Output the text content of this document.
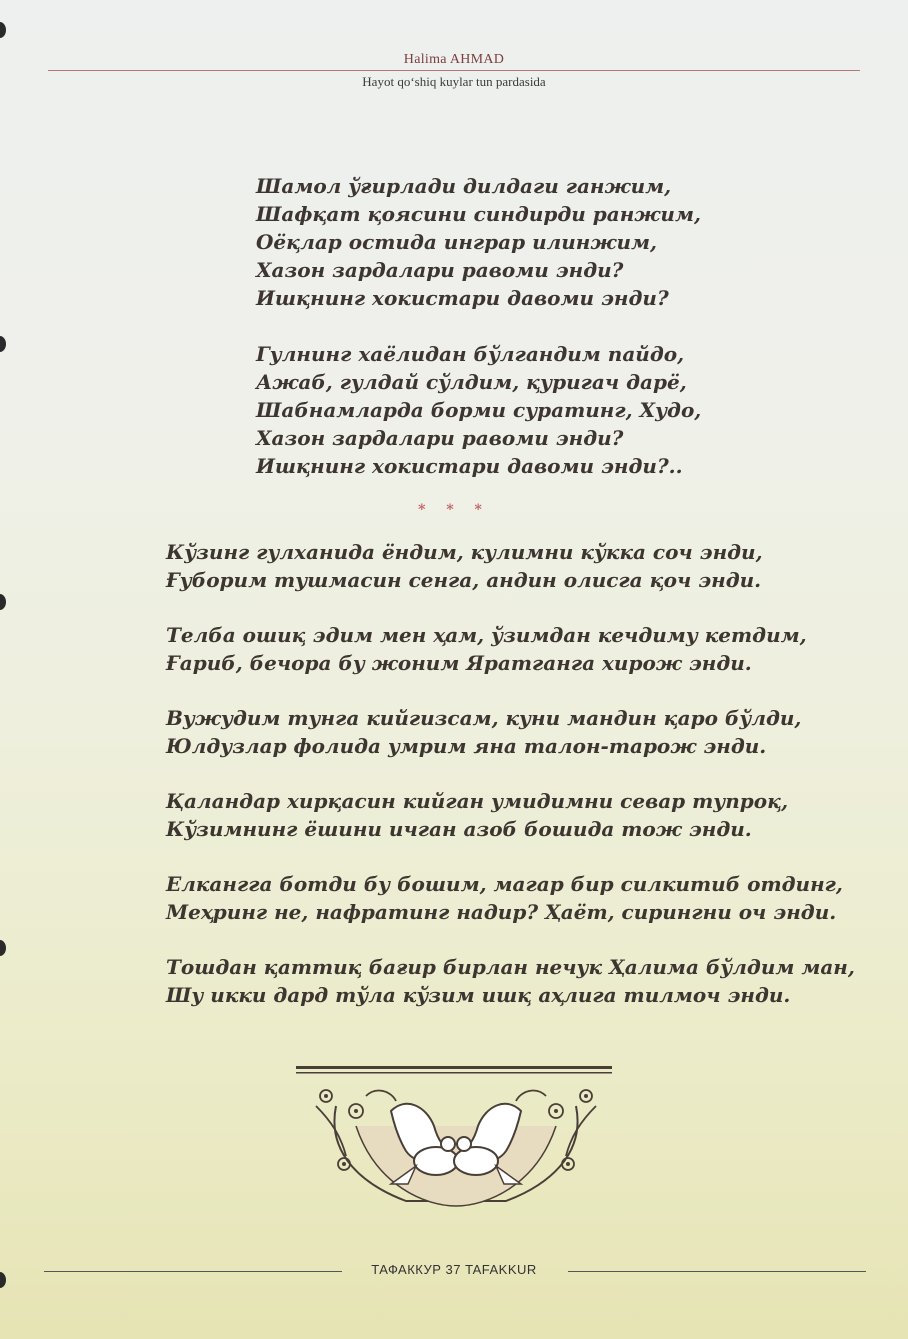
Halima AHMAD
Hayot qo‘shiq kuylar tun pardasida
Шамол ўғирлади дилдаги ганжим,
Шафқат қоясини синдирди ранжим,
Оёқлар остида инграр илинжим,
Хазон зардалари равоми энди?
Ишқнинг хокистари давоми энди?
Гулнинг хаёлидан бўлгандим пайдо,
Ажаб, гулдай сўлдим, қуригач дарё,
Шабнамларда борми суратинг, Худо,
Хазон зардалари равоми энди?
Ишқнинг хокистари давоми энди?..
* * *
Кўзинг гулханида ёндим, кулимни кўкка соч энди,
Ғуборим тушмасин сенга, андин олисга қоч энди.
Телба ошиқ эдим мен ҳам, ўзимдан кечдиму кетдим,
Ғариб, бечора бу жоним Яратганга хирож энди.
Вужудим тунга кийгизсам, куни мандин қаро бўлди,
Юлдузлар фолида умрим яна талон-тарож энди.
Қаландар хирқасин кийган умидимни севар тупроқ,
Кўзимнинг ёшини ичган азоб бошида тож энди.
Елкангга ботди бу бошим, магар бир силкитиб отдинг,
Меҳринг не, нафратинг надир? Ҳаёт, сирингни оч энди.
Тошдан қаттиқ бағир бирлан нечук Ҳалима бўлдим ман,
Шу икки дард тўла кўзим ишқ аҳлига тилмоч энди.
ТАФАККУР 37 TAFAKKUR
